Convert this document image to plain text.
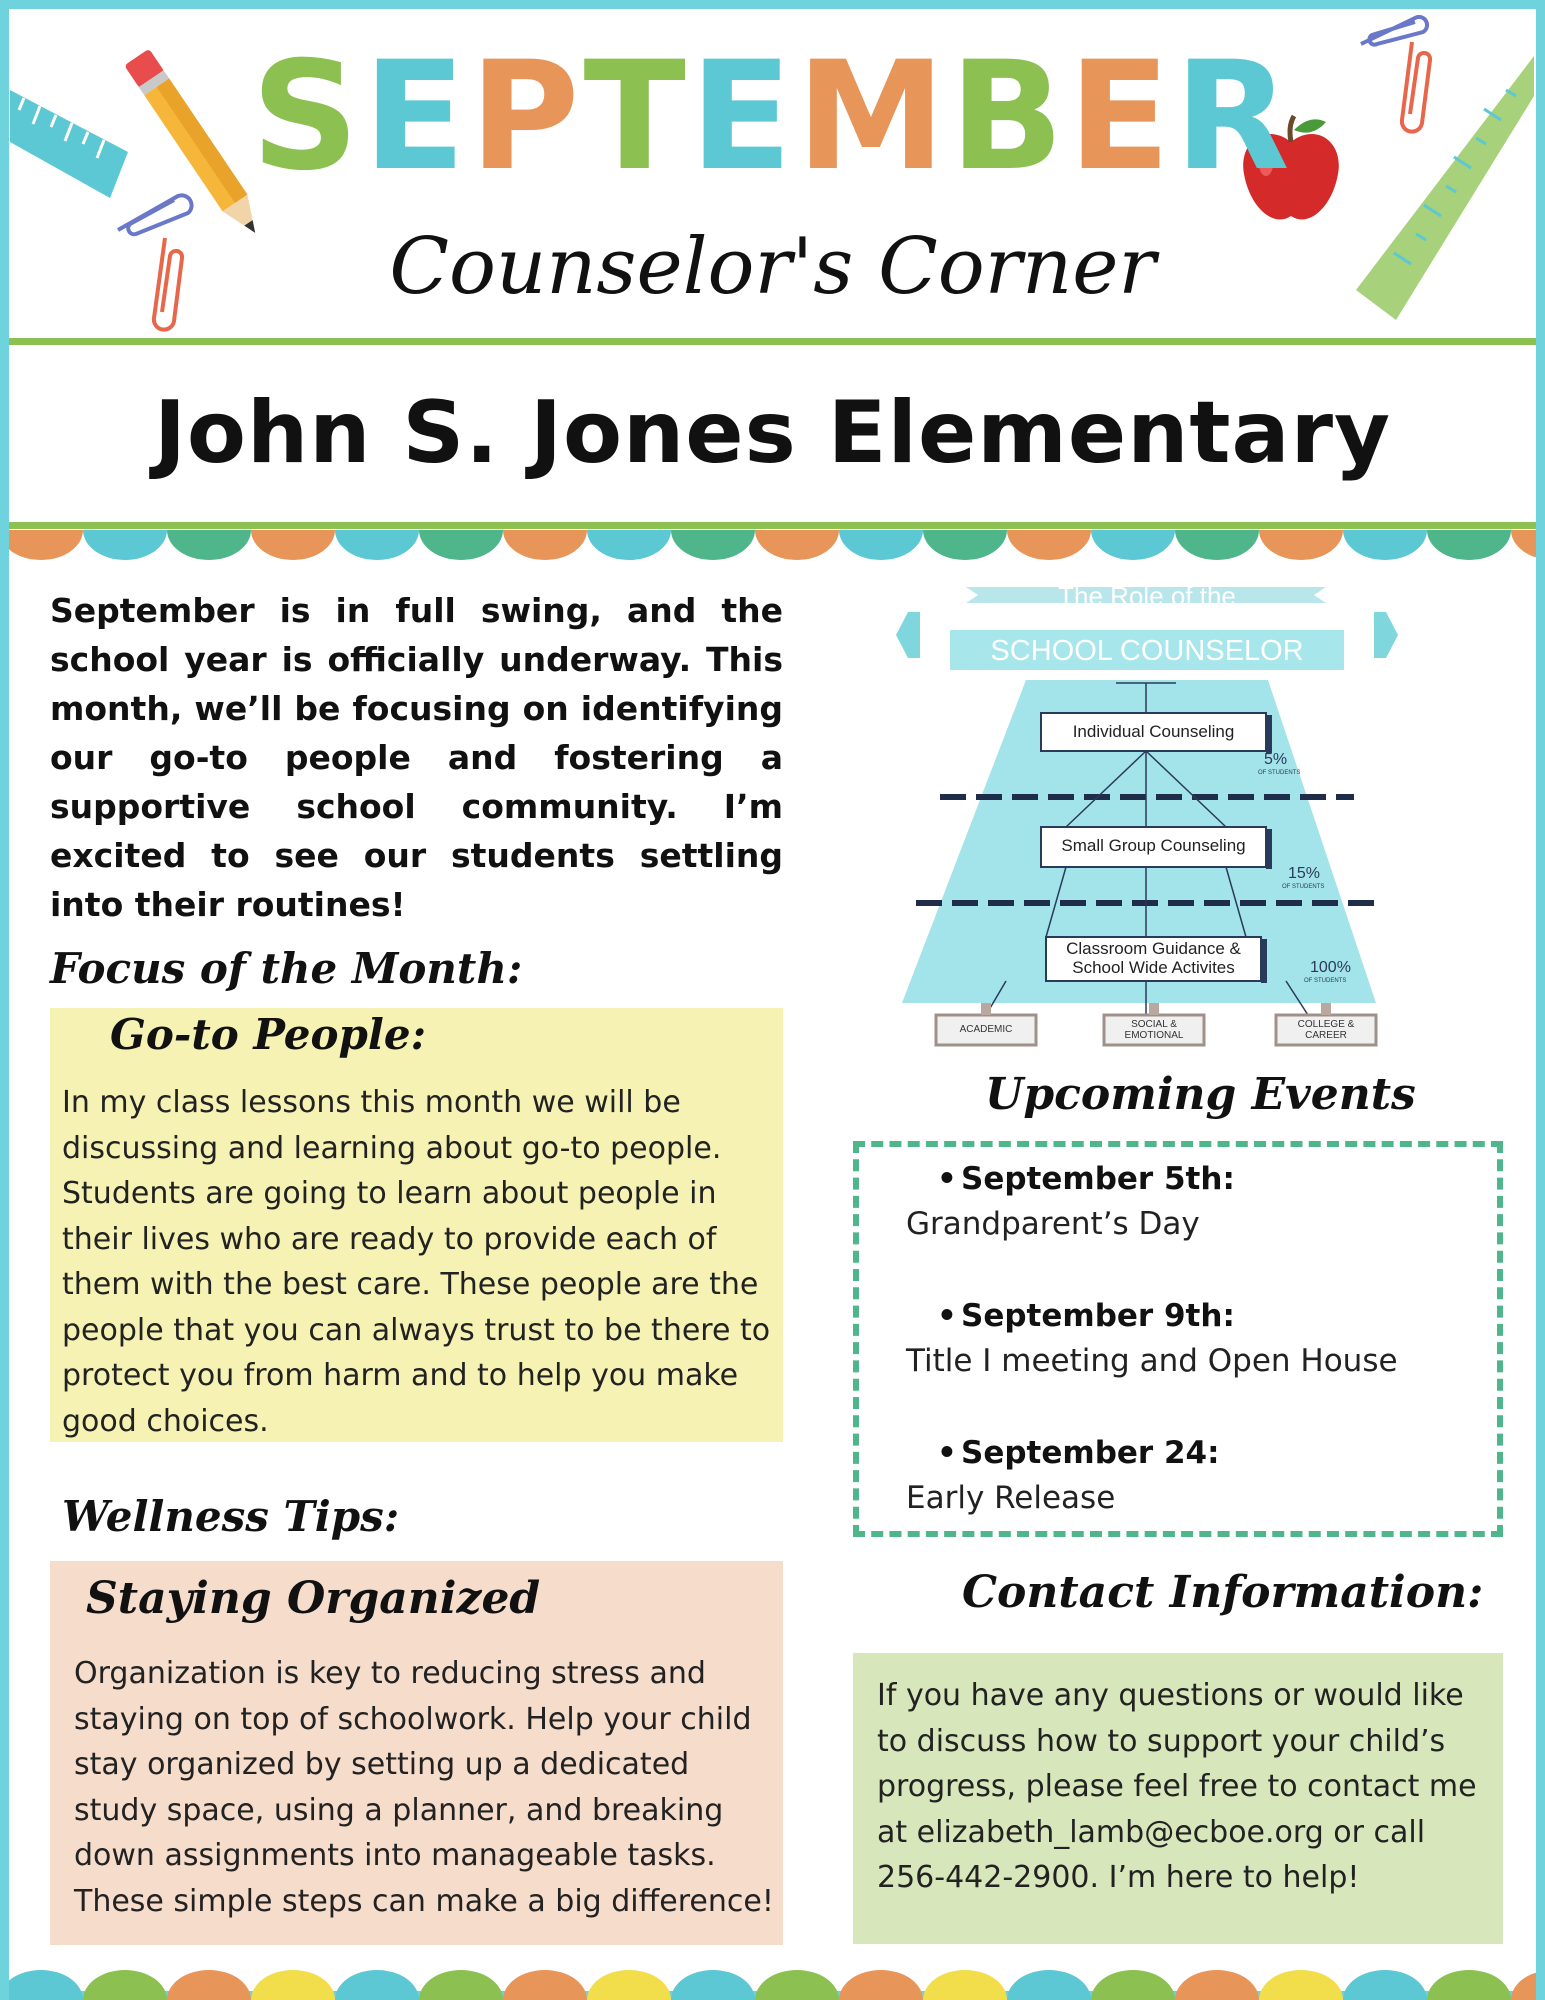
SEPTEMBER
Counselor's Corner
John S. Jones Elementary

September is in full swing, and the school year is officially underway. This month, we’ll be focusing on identifying our go-to people and fostering a supportive school community. I’m excited to see our students settling into their routines!

Focus of the Month:
Go-to People:

In my class lessons this month we will be discussing and learning about go-to people. Students are going to learn about people in their lives who are ready to provide each of them with the best care. These people are the people that you can always trust to be there to protect you from harm and to help you make good choices.

Wellness Tips:
Staying Organized

Organization is key to reducing stress and staying on top of schoolwork. Help your child stay organized by setting up a dedicated study space, using a planner, and breaking down assignments into manageable tasks. These simple steps can make a big difference!

The Role of the
SCHOOL COUNSELOR
Individual Counseling
5%
OF STUDENTS
Small Group Counseling
15%
OF STUDENTS
Classroom Guidance &
School Wide Activites	100%
OF STUDENTS
ACADEMIC	SOCIAL &
EMOTIONAL
COLLEGE &
CAREER
Upcoming Events
• September 5th:
Grandparent’s Day
• September 9th:
Title I meeting and Open House
• September 24:
Early Release
Contact Information:

If you have any questions or would like to discuss how to support your child’s progress, please feel free to contact me at elizabeth_lamb@ecboe.org or call 256-442-2900. I’m here to help!
